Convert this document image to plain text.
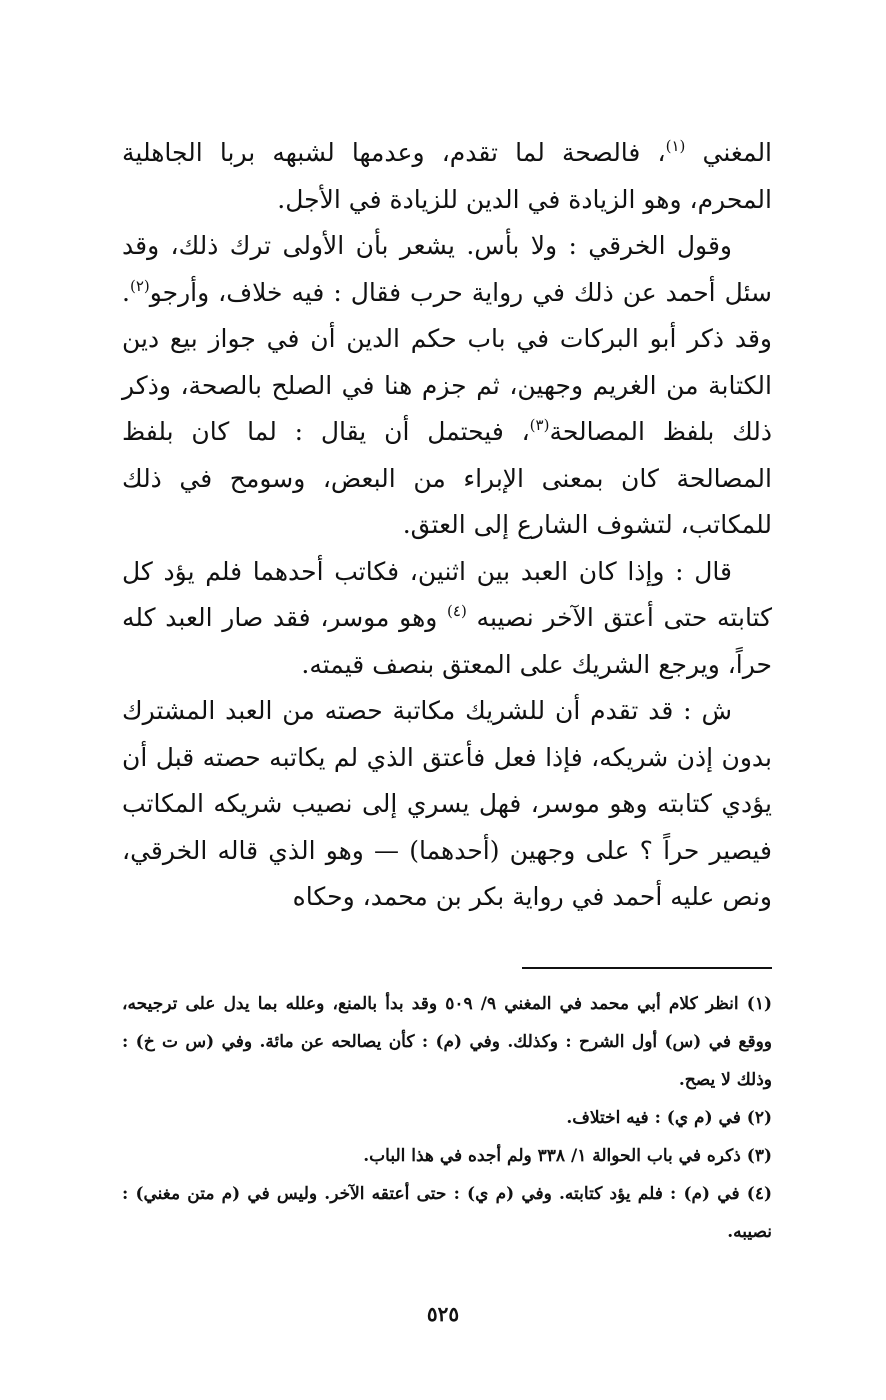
المغني $^{(١)}$، فالصحة لما تقدم، وعدمها لشبهه بربا الجاهلية المحرم، وهو الزيادة في الدين للزيادة في الأجل.

وقول الخرقي : ولا بأس. يشعر بأن الأولى ترك ذلك، وقد سئل أحمد عن ذلك في رواية حرب فقال : فيه خلاف، وأرجو$^{(٢)}$. وقد ذكر أبو البركات في باب حكم الدين أن في جواز بيع دين الكتابة من الغريم وجهين، ثم جزم هنا في الصلح بالصحة، وذكر ذلك بلفظ المصالحة$^{(٣)}$، فيحتمل أن يقال : لما كان بلفظ المصالحة كان بمعنى الإبراء من البعض، وسومح في ذلك للمكاتب، لتشوف الشارع إلى العتق.

قال : وإذا كان العبد بين اثنين، فكاتب أحدهما فلم يؤد كل كتابته حتى أعتق الآخر نصيبه $^{(٤)}$ وهو موسر، فقد صار العبد كله حراً، ويرجع الشريك على المعتق بنصف قيمته.

ش : قد تقدم أن للشريك مكاتبة حصته من العبد المشترك بدون إذن شريكه، فإذا فعل فأعتق الذي لم يكاتبه حصته قبل أن يؤدي كتابته وهو موسر، فهل يسري إلى نصيب شريكه المكاتب فيصير حراً ؟ على وجهين (أحدهما) — وهو الذي قاله الخرقي، ونص عليه أحمد في رواية بكر بن محمد، وحكاه

(١) انظر كلام أبي محمد في المغني ٩/ ٥٠٩ وقد بدأ بالمنع، وعلله بما يدل على ترجيحه، ووقع في (س) أول الشرح : وكذلك. وفي (م) : كأن يصالحه عن مائة. وفي (س ت خ) : وذلك لا يصح.

(٢) في (م ي) : فيه اختلاف.

(٣) ذكره في باب الحوالة ١/ ٣٣٨ ولم أجده في هذا الباب.

(٤) في (م) : فلم يؤد كتابته. وفي (م ي) : حتى أعتقه الآخر. وليس في (م متن مغني) : نصيبه.

٥٢٥
